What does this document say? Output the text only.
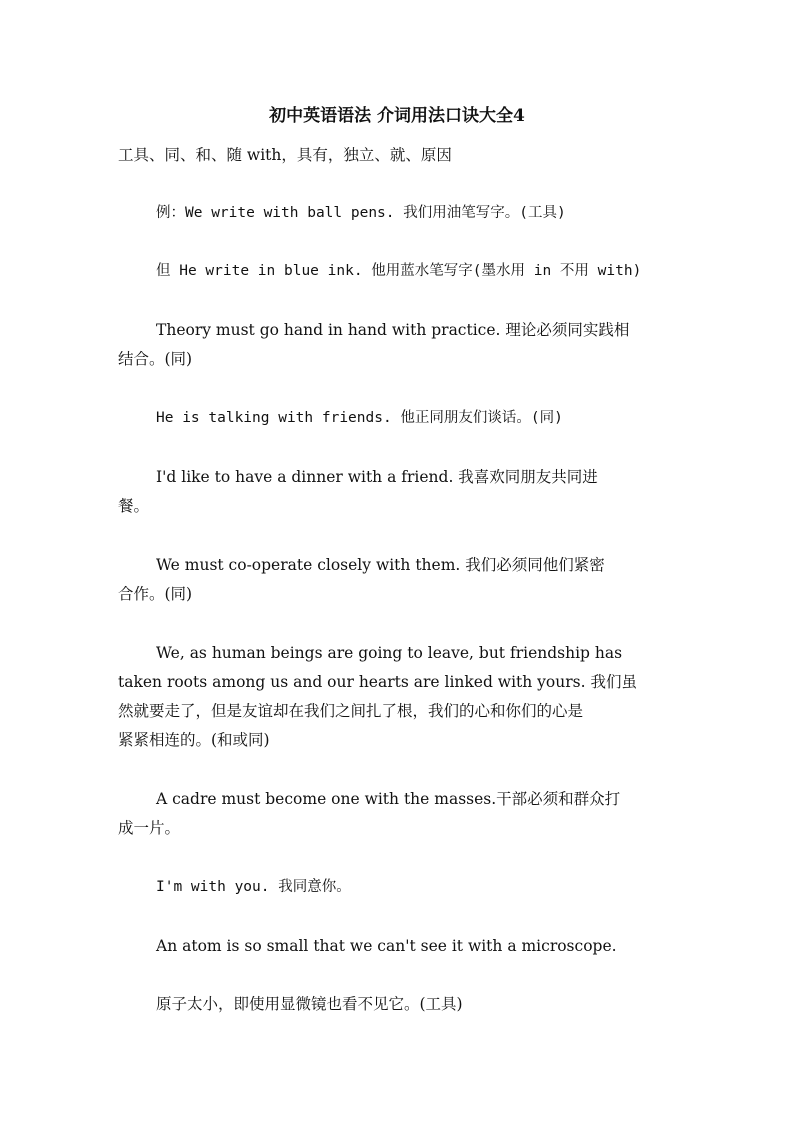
初中英语语法 介词用法口诀大全4

工具、同、和、随 with，具有，独立、就、原因

例：We write with ball pens. 我们用油笔写字。(工具)

但 He write in blue ink. 他用蓝水笔写字(墨水用 in 不用 with)

Theory must go hand in hand with practice. 理论必须同实践相
结合。(同)

He is talking with friends. 他正同朋友们谈话。(同)

I'd like to have a dinner with a friend. 我喜欢同朋友共同进
餐。

We must co-operate closely with them. 我们必须同他们紧密
合作。(同)

We, as human beings are going to leave, but friendship has
taken roots among us and our hearts are linked with yours. 我们虽
然就要走了，但是友谊却在我们之间扎了根，我们的心和你们的心是
紧紧相连的。(和或同)

A cadre must become one with the masses.干部必须和群众打
成一片。

I'm with you. 我同意你。

An atom is so small that we can't see it with a microscope.

原子太小，即使用显微镜也看不见它。(工具)
